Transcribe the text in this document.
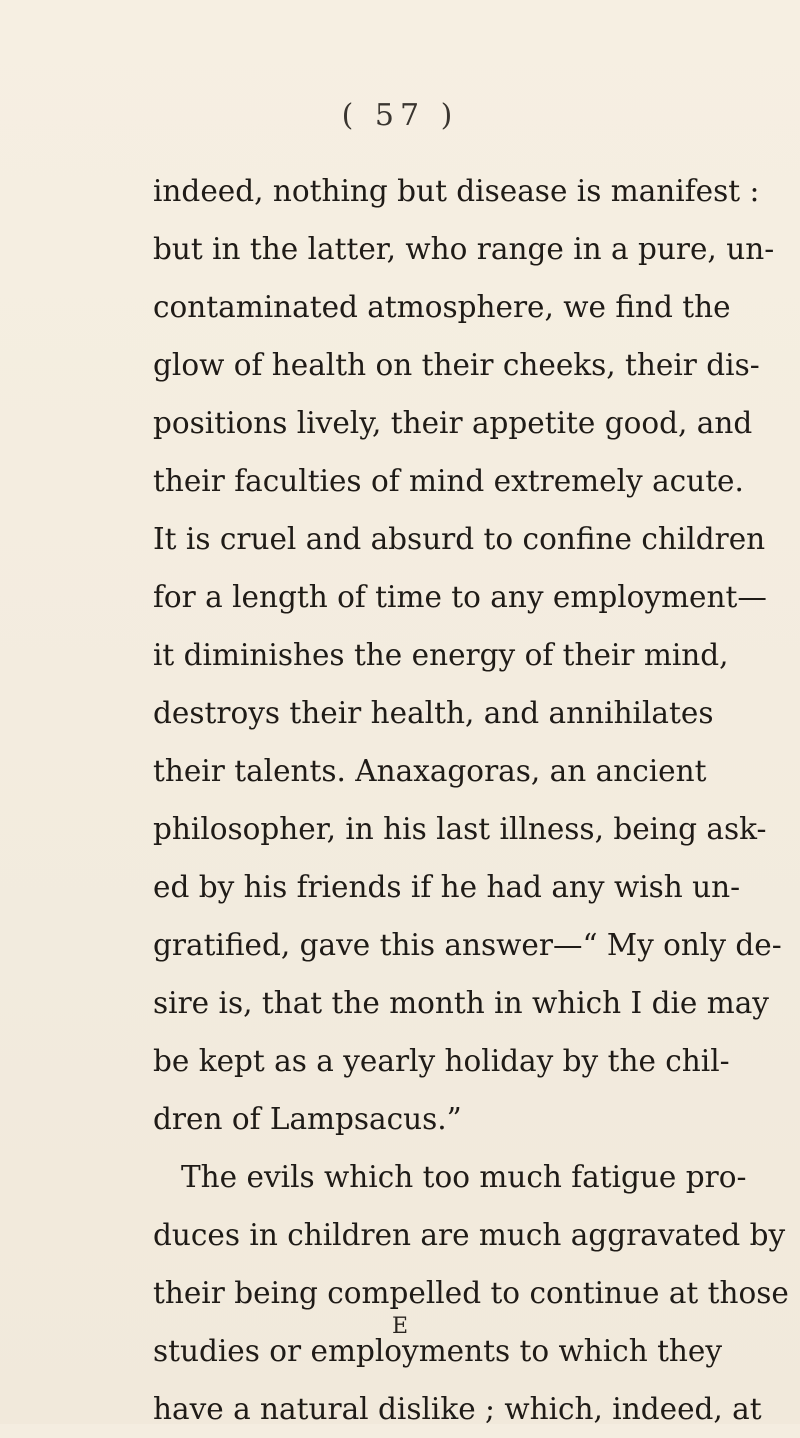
( 57 )
indeed, nothing but disease is manifest :
but in the latter, who range in a pure, un-
contaminated atmosphere, we find the
glow of health on their cheeks, their dis-
positions lively, their appetite good, and
their faculties of mind extremely acute.
It is cruel and absurd to confine children
for a length of time to any employment—
it diminishes the energy of their mind,
destroys their health, and annihilates
their talents. Anaxagoras, an ancient
philosopher, in his last illness, being ask-
ed by his friends if he had any wish un-
gratified, gave this answer—“ My only de-
sire is, that the month in which I die may
be kept as a yearly holiday by the chil-
dren of Lampsacus.”
The evils which too much fatigue pro-
duces in children are much aggravated by
their being compelled to continue at those
studies or employments to which they
have a natural dislike ; which, indeed, at
E
